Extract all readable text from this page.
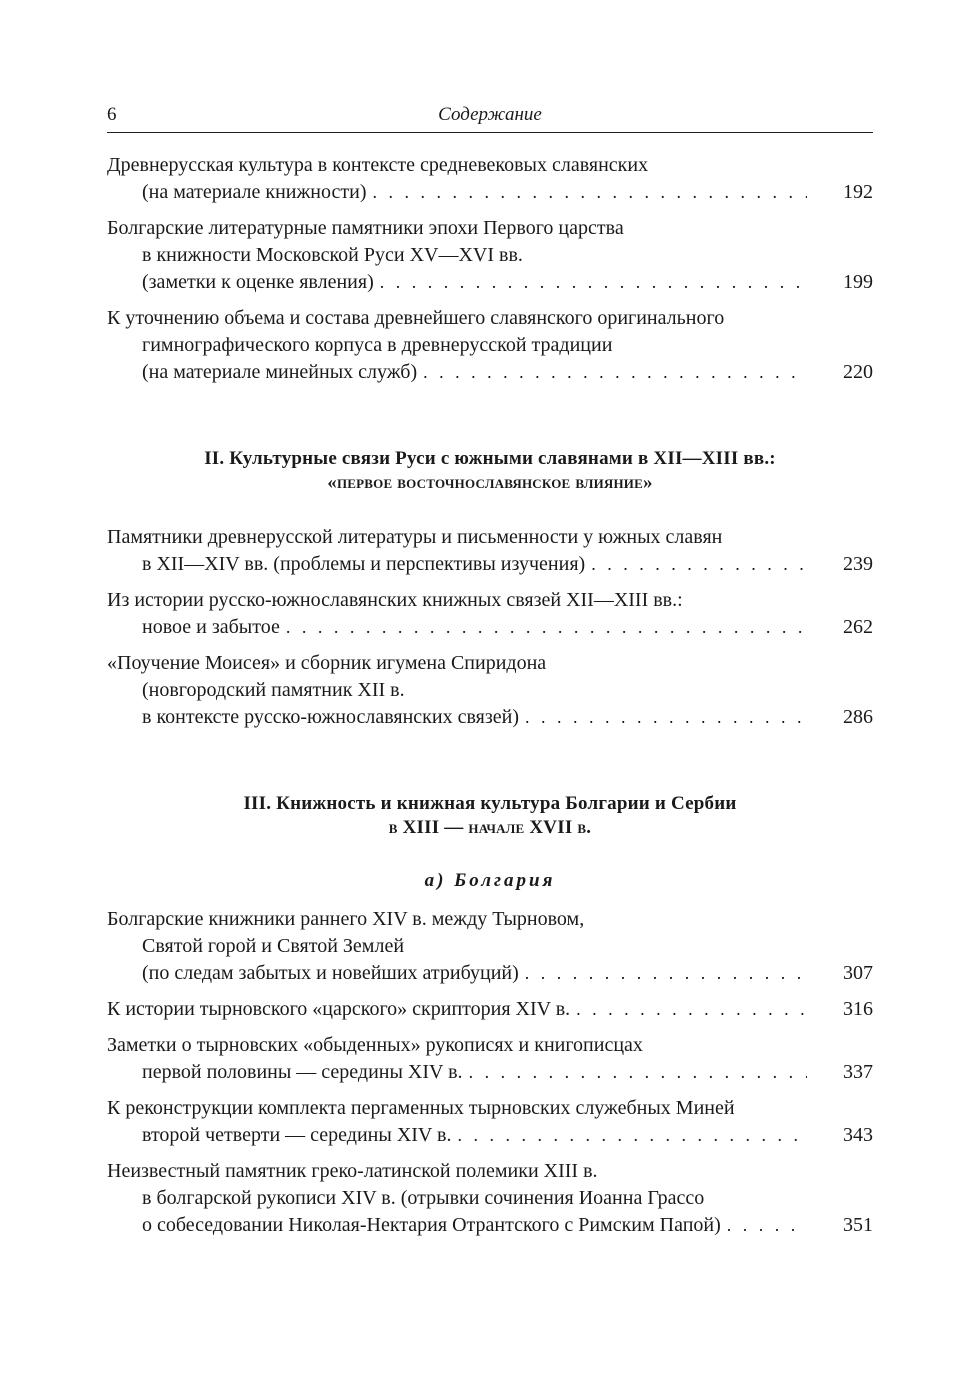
6	Содержание
Древнерусская культура в контексте средневековых славянских
(на материале книжности) . . .	192
Болгарские литературные памятники эпохи Первого царства
в книжности Московской Руси XV—XVI вв.
(заметки к оценке явления) . . .	199
К уточнению объема и состава древнейшего славянского оригинального
гимнографического корпуса в древнерусской традиции
(на материале минейных служб) . . .	220
II. Культурные связи Руси с южными славянами в XII—XIII вв.:
«первое восточнославянское влияние»
Памятники древнерусской литературы и письменности у южных славян
в XII—XIV вв. (проблемы и перспективы изучения) . . .	239
Из истории русско-южнославянских книжных связей XII—XIII вв.:
новое и забытое . . .	262
«Поучение Моисея» и сборник игумена Спиридона
(новгородский памятник XII в.
в контексте русско-южнославянских связей) . . .	286
III. Книжность и книжная культура Болгарии и Сербии
в XIII — начале XVII в.
а) Болгария
Болгарские книжники раннего XIV в. между Тырновом,
Святой горой и Святой Землей
(по следам забытых и новейших атрибуций) . . .	307
К истории тырновского «царского» скриптория XIV в. . . .	316
Заметки о тырновских «обыденных» рукописях и книгописцах
первой половины — середины XIV в. . . .	337
К реконструкции комплекта пергаменных тырновских служебных Миней
второй четверти — середины XIV в. . . .	343
Неизвестный памятник греко-латинской полемики XIII в.
в болгарской рукописи XIV в. (отрывки сочинения Иоанна Грассо
о собеседовании Николая-Нектария Отрантского с Римским Папой) . . .	351
